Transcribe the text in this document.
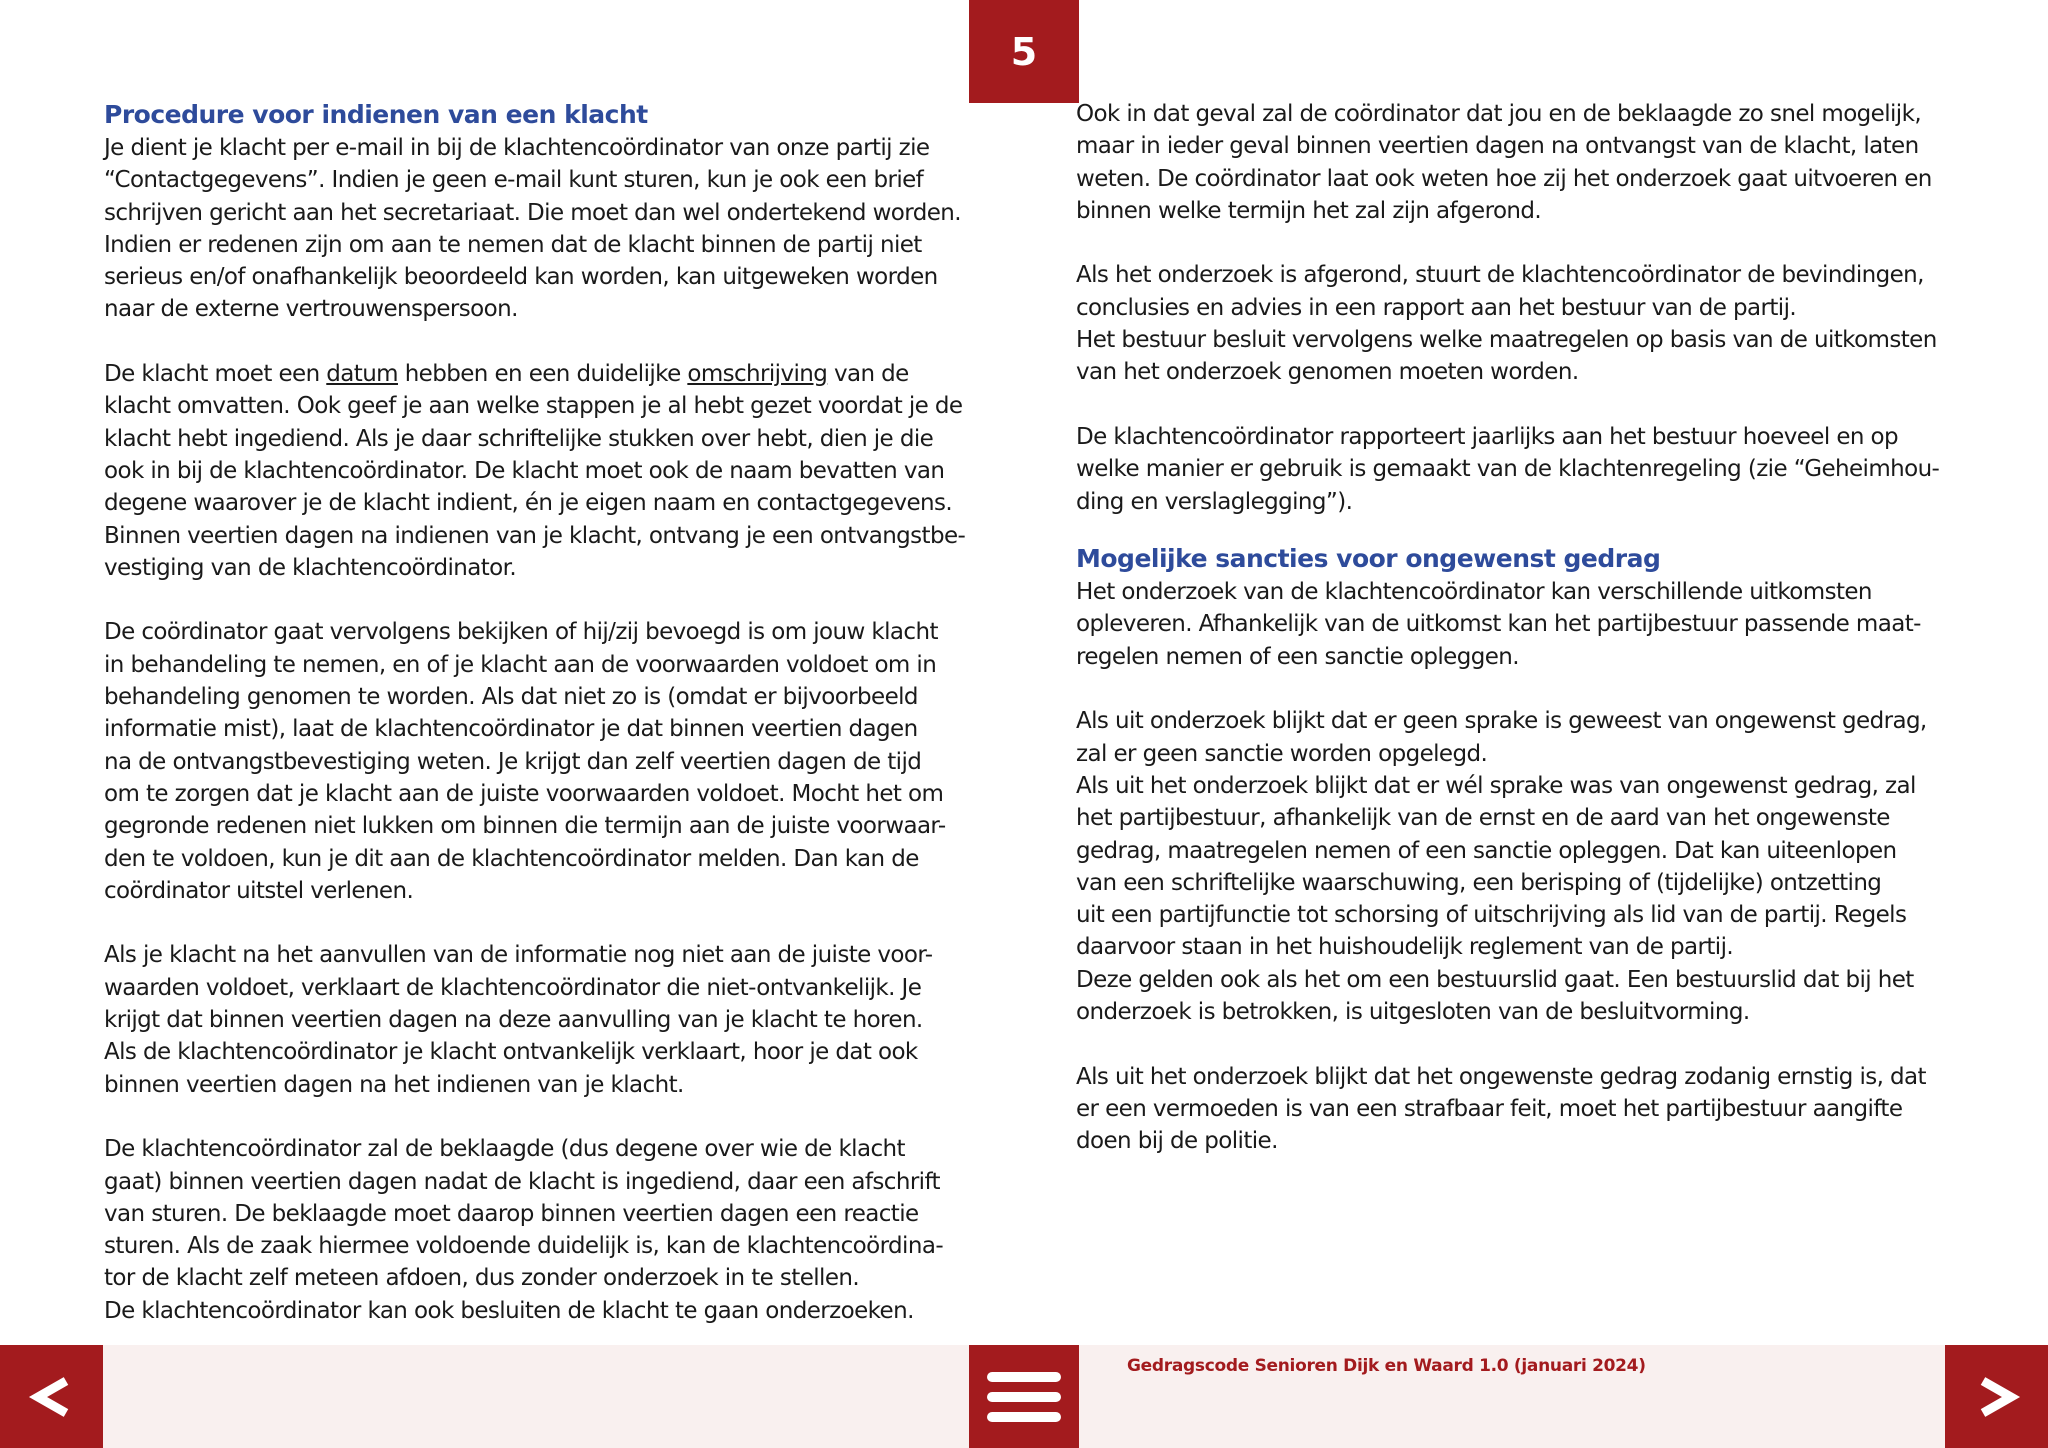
5
Procedure voor indienen van een klacht

Je dient je klacht per e-mail in bij de klachtencoördinator van onze partij zie
“Contactgegevens”. Indien je geen e-mail kunt sturen, kun je ook een brief
schrijven gericht aan het secretariaat. Die moet dan wel ondertekend worden.
Indien er redenen zijn om aan te nemen dat de klacht binnen de partij niet
serieus en/of onafhankelijk beoordeeld kan worden, kan uitgeweken worden
naar de externe vertrouwenspersoon.

De klacht moet een datum hebben en een duidelijke omschrijving van de
klacht omvatten. Ook geef je aan welke stappen je al hebt gezet voordat je de
klacht hebt ingediend. Als je daar schriftelijke stukken over hebt, dien je die
ook in bij de klachtencoördinator. De klacht moet ook de naam bevatten van
degene waarover je de klacht indient, én je eigen naam en contactgegevens.
Binnen veertien dagen na indienen van je klacht, ontvang je een ontvangstbe-
vestiging van de klachtencoördinator.

De coördinator gaat vervolgens bekijken of hij/zij bevoegd is om jouw klacht
in behandeling te nemen, en of je klacht aan de voorwaarden voldoet om in
behandeling genomen te worden. Als dat niet zo is (omdat er bijvoorbeeld
informatie mist), laat de klachtencoördinator je dat binnen veertien dagen
na de ontvangstbevestiging weten. Je krijgt dan zelf veertien dagen de tijd
om te zorgen dat je klacht aan de juiste voorwaarden voldoet. Mocht het om
gegronde redenen niet lukken om binnen die termijn aan de juiste voorwaar-
den te voldoen, kun je dit aan de klachtencoördinator melden. Dan kan de
coördinator uitstel verlenen.

Als je klacht na het aanvullen van de informatie nog niet aan de juiste voor-
waarden voldoet, verklaart de klachtencoördinator die niet-ontvankelijk. Je
krijgt dat binnen veertien dagen na deze aanvulling van je klacht te horen.
Als de klachtencoördinator je klacht ontvankelijk verklaart, hoor je dat ook
binnen veertien dagen na het indienen van je klacht.

De klachtencoördinator zal de beklaagde (dus degene over wie de klacht
gaat) binnen veertien dagen nadat de klacht is ingediend, daar een afschrift
van sturen. De beklaagde moet daarop binnen veertien dagen een reactie
sturen. Als de zaak hiermee voldoende duidelijk is, kan de klachtencoördina-
tor de klacht zelf meteen afdoen, dus zonder onderzoek in te stellen.
De klachtencoördinator kan ook besluiten de klacht te gaan onderzoeken.

Ook in dat geval zal de coördinator dat jou en de beklaagde zo snel mogelijk,
maar in ieder geval binnen veertien dagen na ontvangst van de klacht, laten
weten. De coördinator laat ook weten hoe zij het onderzoek gaat uitvoeren en
binnen welke termijn het zal zijn afgerond.

Als het onderzoek is afgerond, stuurt de klachtencoördinator de bevindingen,
conclusies en advies in een rapport aan het bestuur van de partij.
Het bestuur besluit vervolgens welke maatregelen op basis van de uitkomsten
van het onderzoek genomen moeten worden.

De klachtencoördinator rapporteert jaarlijks aan het bestuur hoeveel en op
welke manier er gebruik is gemaakt van de klachtenregeling (zie “Geheimhou-
ding en verslaglegging”).

Mogelijke sancties voor ongewenst gedrag

Het onderzoek van de klachtencoördinator kan verschillende uitkomsten
opleveren. Afhankelijk van de uitkomst kan het partijbestuur passende maat-
regelen nemen of een sanctie opleggen.

Als uit onderzoek blijkt dat er geen sprake is geweest van ongewenst gedrag,
zal er geen sanctie worden opgelegd.
Als uit het onderzoek blijkt dat er wél sprake was van ongewenst gedrag, zal
het partijbestuur, afhankelijk van de ernst en de aard van het ongewenste
gedrag, maatregelen nemen of een sanctie opleggen. Dat kan uiteenlopen
van een schriftelijke waarschuwing, een berisping of (tijdelijke) ontzetting
uit een partijfunctie tot schorsing of uitschrijving als lid van de partij. Regels
daarvoor staan in het huishoudelijk reglement van de partij.
Deze gelden ook als het om een bestuurslid gaat. Een bestuurslid dat bij het
onderzoek is betrokken, is uitgesloten van de besluitvorming.

Als uit het onderzoek blijkt dat het ongewenste gedrag zodanig ernstig is, dat
er een vermoeden is van een strafbaar feit, moet het partijbestuur aangifte
doen bij de politie.

Gedragscode Senioren Dijk en Waard 1.0 (januari 2024)
